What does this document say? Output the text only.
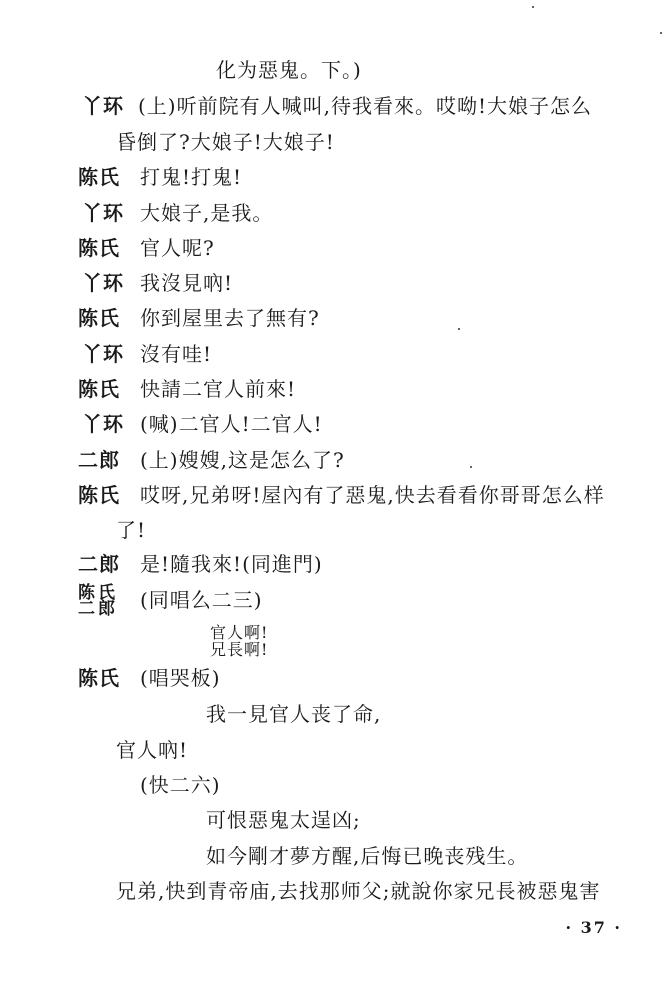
化为惡鬼。下。)
丫环 (上)听前院有人喊叫,待我看來。哎呦!大娘子怎么
昏倒了?大娘子!大娘子!
陈氏 打鬼!打鬼!
丫环 大娘子,是我。
陈氏 官人呢?
丫环 我沒見吶!
陈氏 你到屋里去了無有?
丫环 沒有哇!
陈氏 快請二官人前來!
丫环 (喊)二官人!二官人!
二郎 (上)嫂嫂,这是怎么了?
陈氏 哎呀,兄弟呀!屋內有了惡鬼,快去看看你哥哥怎么样
了!
二郎 是!隨我來!(同進門)
陈氏
二郎 (同唱么二三)
官人啊!
兄長啊!
陈氏 (唱哭板)
我一見官人丧了命,
官人吶!
(快二六)
可恨惡鬼太逞凶;
如今剛才夢方醒,后悔已晚丧残生。
兄弟,快到青帝庙,去找那师父;就說你家兄長被惡鬼害
· 37 ·
